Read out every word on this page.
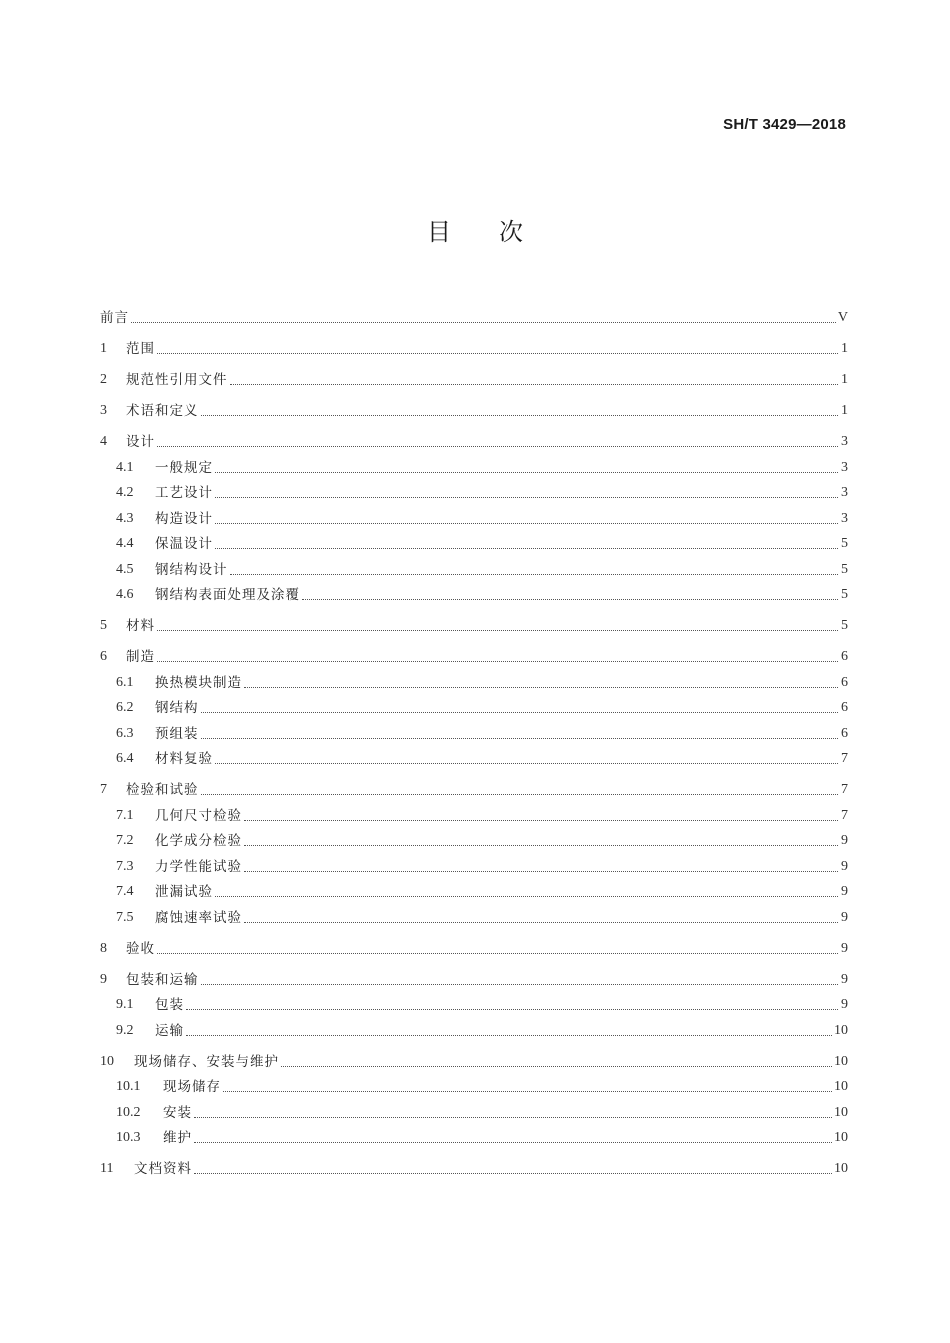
SH/T 3429—2018
目次
前言	V
1	范围	1
2	规范性引用文件	1
3	术语和定义	1
4	设计	3
4.1	一般规定	3
4.2	工艺设计	3
4.3	构造设计	3
4.4	保温设计	5
4.5	钢结构设计	5
4.6	钢结构表面处理及涂覆	5
5	材料	5
6	制造	6
6.1	换热模块制造	6
6.2	钢结构	6
6.3	预组装	6
6.4	材料复验	7
7	检验和试验	7
7.1	几何尺寸检验	7
7.2	化学成分检验	9
7.3	力学性能试验	9
7.4	泄漏试验	9
7.5	腐蚀速率试验	9
8	验收	9
9	包装和运输	9
9.1	包装	9
9.2	运输	10
10	现场储存、安装与维护	10
10.1	现场储存	10
10.2	安装	10
10.3	维护	10
11	文档资料	10
